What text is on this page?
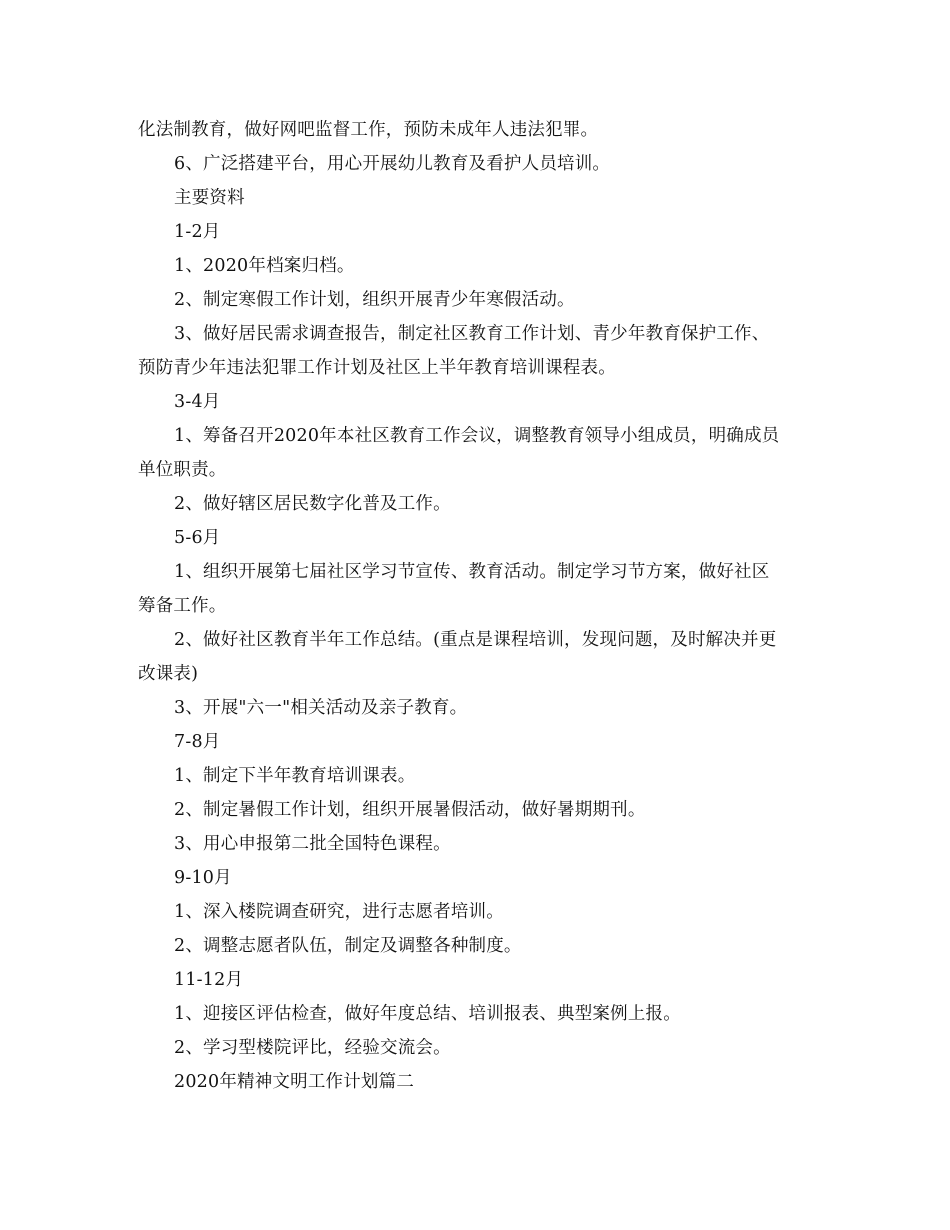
化法制教育，做好网吧监督工作，预防未成年人违法犯罪。
6、广泛搭建平台，用心开展幼儿教育及看护人员培训。
主要资料
1-2月
1、2020年档案归档。
2、制定寒假工作计划，组织开展青少年寒假活动。
3、做好居民需求调查报告，制定社区教育工作计划、青少年教育保护工作、
预防青少年违法犯罪工作计划及社区上半年教育培训课程表。
3-4月
1、筹备召开2020年本社区教育工作会议，调整教育领导小组成员，明确成员
单位职责。
2、做好辖区居民数字化普及工作。
5-6月
1、组织开展第七届社区学习节宣传、教育活动。制定学习节方案，做好社区
筹备工作。
2、做好社区教育半年工作总结。(重点是课程培训，发现问题，及时解决并更
改课表)
3、开展"六一"相关活动及亲子教育。
7-8月
1、制定下半年教育培训课表。
2、制定暑假工作计划，组织开展暑假活动，做好暑期期刊。
3、用心申报第二批全国特色课程。
9-10月
1、深入楼院调查研究，进行志愿者培训。
2、调整志愿者队伍，制定及调整各种制度。
11-12月
1、迎接区评估检查，做好年度总结、培训报表、典型案例上报。
2、学习型楼院评比，经验交流会。
2020年精神文明工作计划篇二
